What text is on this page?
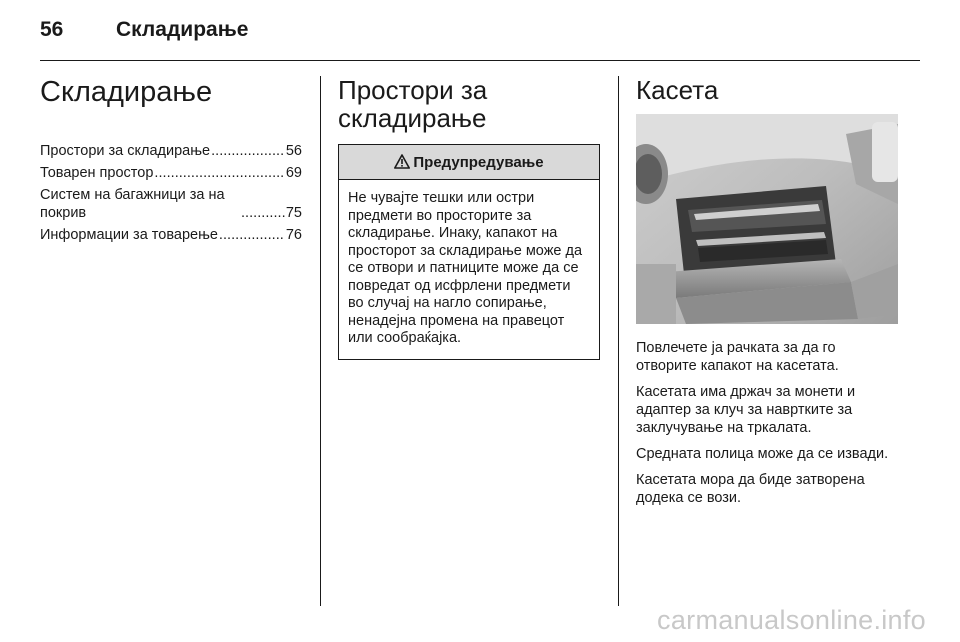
56	Складирање
Складирање
Простори за складирање . . .	56
Товарен простор . . .	69
Систем на багажници за на покрив . . .	75
Информации за товарење . . .	76
Простори за складирање
Предупредување
Не чувајте тешки или остри предмети во просторите за складирање. Инаку, капакот на просторот за складирање може да се отвори и патниците може да се повредат од исфрлени предмети во случај на нагло сопирање, ненадејна промена на правецот или сообраќајка.
Касета

Повлечете ја рачката за да го отворите капакот на касетата.

Касетата има држач за монети и адаптер за клуч за навртките за заклучување на тркалата.

Средната полица може да се извади.

Касетата мора да биде затворена додека се вози.

carmanualsonline.info
